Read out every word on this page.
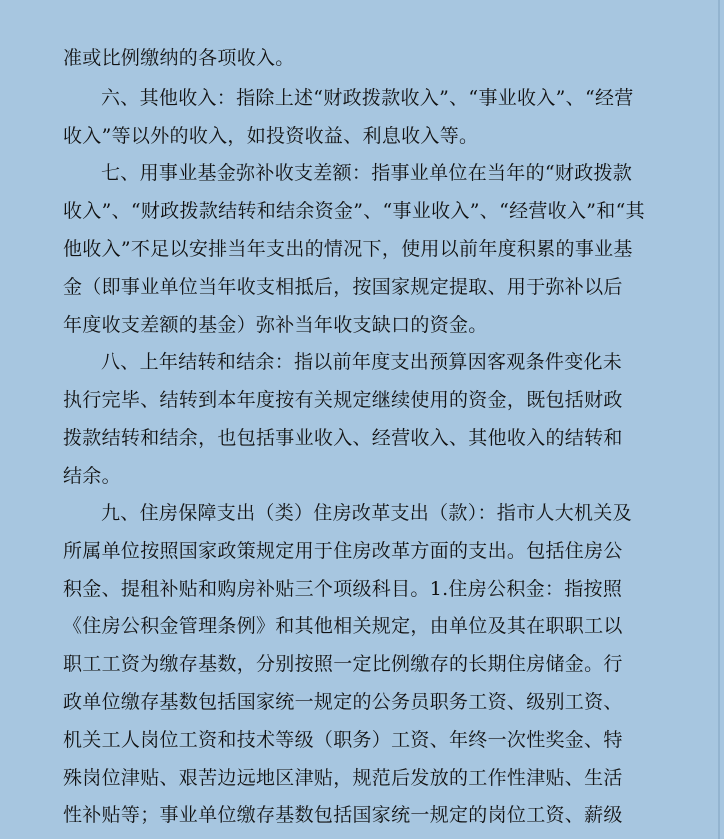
准或比例缴纳的各项收入。
六、其他收入：指除上述“财政拨款收入”、“事业收入”、“经营
收入”等以外的收入，如投资收益、利息收入等。
七、用事业基金弥补收支差额：指事业单位在当年的“财政拨款
收入”、“财政拨款结转和结余资金”、“事业收入”、“经营收入”和“其
他收入”不足以安排当年支出的情况下，使用以前年度积累的事业基
金（即事业单位当年收支相抵后，按国家规定提取、用于弥补以后
年度收支差额的基金）弥补当年收支缺口的资金。
八、上年结转和结余：指以前年度支出预算因客观条件变化未
执行完毕、结转到本年度按有关规定继续使用的资金，既包括财政
拨款结转和结余，也包括事业收入、经营收入、其他收入的结转和
结余。
九、住房保障支出（类）住房改革支出（款）：指市人大机关及
所属单位按照国家政策规定用于住房改革方面的支出。包括住房公
积金、提租补贴和购房补贴三个项级科目。1.住房公积金：指按照
《住房公积金管理条例》和其他相关规定，由单位及其在职职工以
职工工资为缴存基数，分别按照一定比例缴存的长期住房储金。行
政单位缴存基数包括国家统一规定的公务员职务工资、级别工资、
机关工人岗位工资和技术等级（职务）工资、年终一次性奖金、特
殊岗位津贴、艰苦边远地区津贴，规范后发放的工作性津贴、生活
性补贴等；事业单位缴存基数包括国家统一规定的岗位工资、薪级
